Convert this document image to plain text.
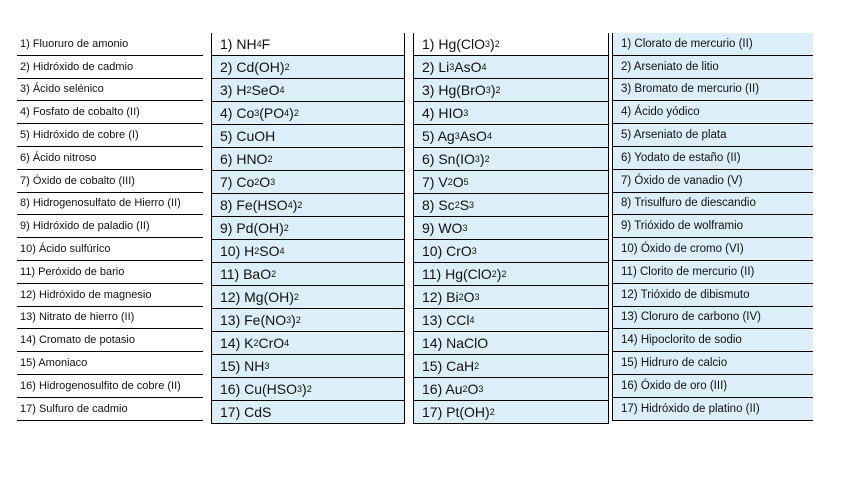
1) Fluoruro de amonio
2) Hidróxido de cadmio
3) Ácido selénico
4) Fosfato de cobalto (II)
5) Hidróxido de cobre (I)
6) Ácido nitroso
7) Óxido de cobalto (III)
8) Hidrogenosulfato de Hierro (II)
9) Hidróxido de paladio (II)
10) Ácido sulfúrico
11) Peróxido de bario
12) Hidróxido de magnesio
13) Nitrato de hierro (II)
14) Cromato de potasio
15) Amoniaco
16) Hidrogenosulfito de cobre (II)
17) Sulfuro de cadmio
1) NH 4 F
2) Cd(OH) 2
3) H 2 SeO 4
4) Co 3 (PO 4 ) 2
5) CuOH
6) HNO 2
7) Co 2 O 3
8) Fe(HSO 4 ) 2
9) Pd(OH) 2
10) H 2 SO 4
11) BaO 2
12) Mg(OH) 2
13) Fe(NO 3 ) 2
14) K 2 CrO 4
15) NH 3
16) Cu(HSO 3 ) 2
17) CdS
1) Hg(ClO 3 ) 2
2) Li 3 AsO 4
3) Hg(BrO 3 ) 2
4) HIO 3
5) Ag 3 AsO 4
6) Sn(IO 3 ) 2
7) V 2 O 5
8) Sc 2 S 3
9) WO 3
10) CrO 3
11) Hg(ClO 2 ) 2
12) Bi 2 O 3
13) CCl 4
14) NaClO
15) CaH 2
16) Au 2 O 3
17) Pt(OH) 2
1) Clorato de mercurio (II)
2) Arseniato de litio
3) Bromato de mercurio (II)
4) Ácido yódico
5) Arseniato de plata
6) Yodato de estaño (II)
7) Óxido de vanadio (V)
8) Trisulfuro de diescandio
9) Trióxido de wolframio
10) Óxido de cromo (VI)
11) Clorito de mercurio (II)
12) Trióxido de dibismuto
13) Cloruro de carbono (IV)
14) Hipoclorito de sodio
15) Hidruro de calcio
16) Óxido de oro (III)
17) Hidróxido de platino (II)
